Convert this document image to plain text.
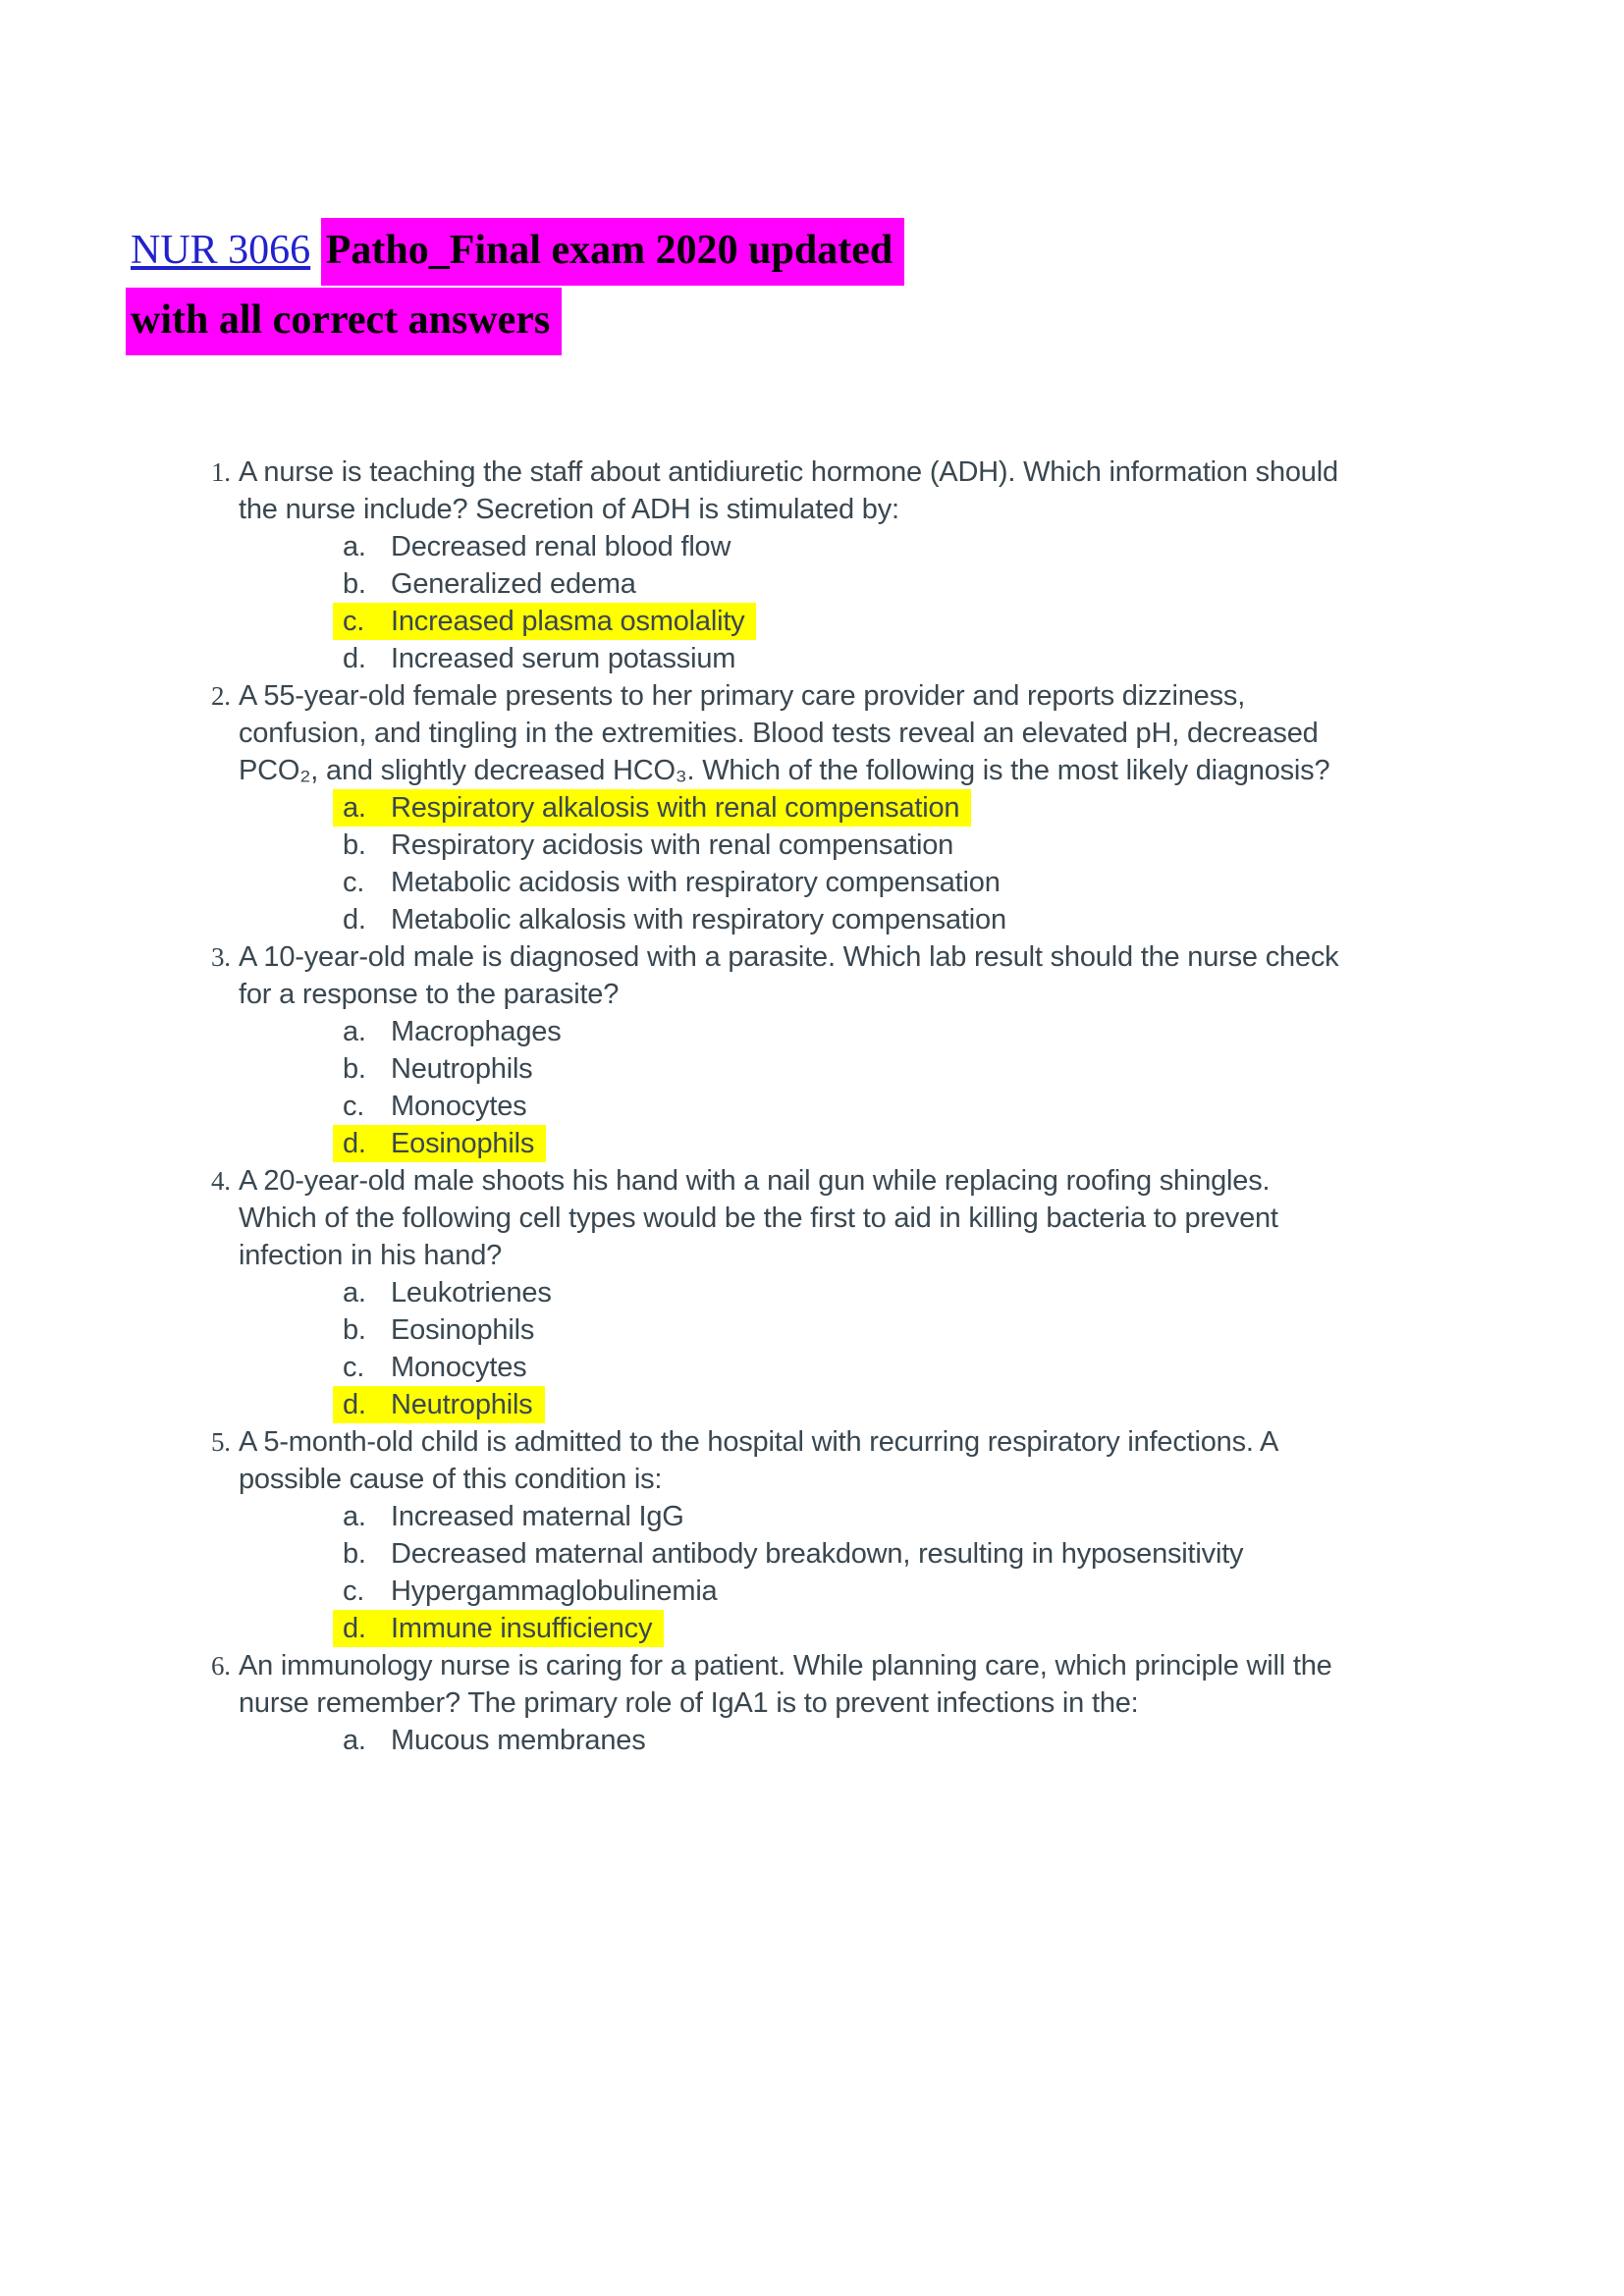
NUR 3066 Patho_Final exam 2020 updated
with all correct answers
1. A nurse is teaching the staff about antidiuretic hormone (ADH). Which information should the nurse include? Secretion of ADH is stimulated by:
a. Decreased renal blood flow
b. Generalized edema
c. Increased plasma osmolality
d. Increased serum potassium
2. A 55-year-old female presents to her primary care provider and reports dizziness, confusion, and tingling in the extremities. Blood tests reveal an elevated pH, decreased PCO₂, and slightly decreased HCO₃. Which of the following is the most likely diagnosis?
a. Respiratory alkalosis with renal compensation
b. Respiratory acidosis with renal compensation
c. Metabolic acidosis with respiratory compensation
d. Metabolic alkalosis with respiratory compensation
3. A 10-year-old male is diagnosed with a parasite. Which lab result should the nurse check for a response to the parasite?
a. Macrophages
b. Neutrophils
c. Monocytes
d. Eosinophils
4. A 20-year-old male shoots his hand with a nail gun while replacing roofing shingles. Which of the following cell types would be the first to aid in killing bacteria to prevent infection in his hand?
a. Leukotrienes
b. Eosinophils
c. Monocytes
d. Neutrophils
5. A 5-month-old child is admitted to the hospital with recurring respiratory infections. A possible cause of this condition is:
a. Increased maternal IgG
b. Decreased maternal antibody breakdown, resulting in hyposensitivity
c. Hypergammaglobulinemia
d. Immune insufficiency
6. An immunology nurse is caring for a patient. While planning care, which principle will the nurse remember? The primary role of IgA1 is to prevent infections in the:
a. Mucous membranes
